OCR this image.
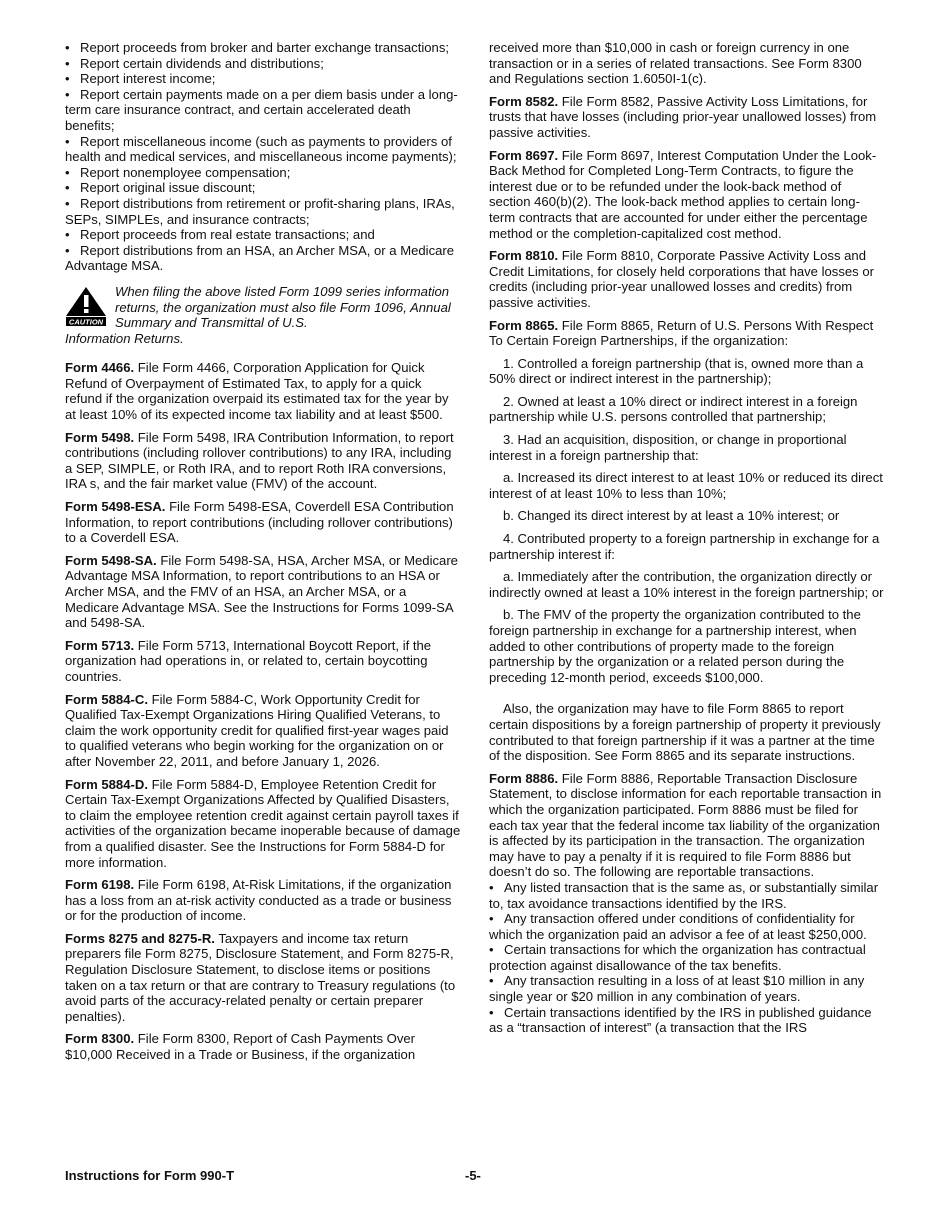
• Report proceeds from broker and barter exchange transactions;

• Report certain dividends and distributions;

• Report interest income;

• Report certain payments made on a per diem basis under a long-term care insurance contract, and certain accelerated death benefits;

• Report miscellaneous income (such as payments to providers of health and medical services, and miscellaneous income payments);

• Report nonemployee compensation;

• Report original issue discount;

• Report distributions from retirement or profit-sharing plans, IRAs, SEPs, SIMPLEs, and insurance contracts;

• Report proceeds from real estate transactions; and

• Report distributions from an HSA, an Archer MSA, or a Medicare Advantage MSA.

CAUTION
When filing the above listed Form 1099 series information returns, the organization must also file Form 1096, Annual Summary and Transmittal of U.S.

Information Returns.

Form 4466. File Form 4466, Corporation Application for Quick Refund of Overpayment of Estimated Tax, to apply for a quick refund if the organization overpaid its estimated tax for the year by at least 10% of its expected income tax liability and at least $500.

Form 5498. File Form 5498, IRA Contribution Information, to report contributions (including rollover contributions) to any IRA, including a SEP, SIMPLE, or Roth IRA, and to report Roth IRA conversions, IRA s, and the fair market value (FMV) of the account.

Form 5498-ESA. File Form 5498-ESA, Coverdell ESA Contribution Information, to report contributions (including rollover contributions) to a Coverdell ESA.

Form 5498-SA. File Form 5498-SA, HSA, Archer MSA, or Medicare Advantage MSA Information, to report contributions to an HSA or Archer MSA, and the FMV of an HSA, an Archer MSA, or a Medicare Advantage MSA. See the Instructions for Forms 1099-SA and 5498-SA.

Form 5713. File Form 5713, International Boycott Report, if the organization had operations in, or related to, certain boycotting countries.

Form 5884-C. File Form 5884-C, Work Opportunity Credit for Qualified Tax-Exempt Organizations Hiring Qualified Veterans, to claim the work opportunity credit for qualified first-year wages paid to qualified veterans who begin working for the organization on or after November 22, 2011, and before January 1, 2026.

Form 5884-D. File Form 5884-D, Employee Retention Credit for Certain Tax-Exempt Organizations Affected by Qualified Disasters, to claim the employee retention credit against certain payroll taxes if activities of the organization became inoperable because of damage from a qualified disaster. See the Instructions for Form 5884-D for more information.

Form 6198. File Form 6198, At-Risk Limitations, if the organization has a loss from an at-risk activity conducted as a trade or business or for the production of income.

Forms 8275 and 8275-R. Taxpayers and income tax return preparers file Form 8275, Disclosure Statement, and Form 8275-R, Regulation Disclosure Statement, to disclose items or positions taken on a tax return or that are contrary to Treasury regulations (to avoid parts of the accuracy-related penalty or certain preparer penalties).

Form 8300. File Form 8300, Report of Cash Payments Over $10,000 Received in a Trade or Business, if the organization

received more than $10,000 in cash or foreign currency in one transaction or in a series of related transactions. See Form 8300 and Regulations section 1.6050I-1(c).

Form 8582. File Form 8582, Passive Activity Loss Limitations, for trusts that have losses (including prior-year unallowed losses) from passive activities.

Form 8697. File Form 8697, Interest Computation Under the Look-Back Method for Completed Long-Term Contracts, to figure the interest due or to be refunded under the look-back method of section 460(b)(2). The look-back method applies to certain long-term contracts that are accounted for under either the percentage method or the completion-capitalized cost method.

Form 8810. File Form 8810, Corporate Passive Activity Loss and Credit Limitations, for closely held corporations that have losses or credits (including prior-year unallowed losses and credits) from passive activities.

Form 8865. File Form 8865, Return of U.S. Persons With Respect To Certain Foreign Partnerships, if the organization:

1. Controlled a foreign partnership (that is, owned more than a 50% direct or indirect interest in the partnership);

2. Owned at least a 10% direct or indirect interest in a foreign partnership while U.S. persons controlled that partnership;

3. Had an acquisition, disposition, or change in proportional interest in a foreign partnership that:

a. Increased its direct interest to at least 10% or reduced its direct interest of at least 10% to less than 10%;

b. Changed its direct interest by at least a 10% interest; or

4. Contributed property to a foreign partnership in exchange for a partnership interest if:

a. Immediately after the contribution, the organization directly or indirectly owned at least a 10% interest in the foreign partnership; or

b. The FMV of the property the organization contributed to the foreign partnership in exchange for a partnership interest, when added to other contributions of property made to the foreign partnership by the organization or a related person during the preceding 12-month period, exceeds $100,000.

Also, the organization may have to file Form 8865 to report certain dispositions by a foreign partnership of property it previously contributed to that foreign partnership if it was a partner at the time of the disposition. See Form 8865 and its separate instructions.

Form 8886. File Form 8886, Reportable Transaction Disclosure Statement, to disclose information for each reportable transaction in which the organization participated. Form 8886 must be filed for each tax year that the federal income tax liability of the organization is affected by its participation in the transaction. The organization may have to pay a penalty if it is required to file Form 8886 but doesn’t do so. The following are reportable transactions.

• Any listed transaction that is the same as, or substantially similar to, tax avoidance transactions identified by the IRS.

• Any transaction offered under conditions of confidentiality for which the organization paid an advisor a fee of at least $250,000.

• Certain transactions for which the organization has contractual protection against disallowance of the tax benefits.

• Any transaction resulting in a loss of at least $10 million in any single year or $20 million in any combination of years.

• Certain transactions identified by the IRS in published guidance as a “transaction of interest” (a transaction that the IRS

Instructions for Form 990-T	-5-
